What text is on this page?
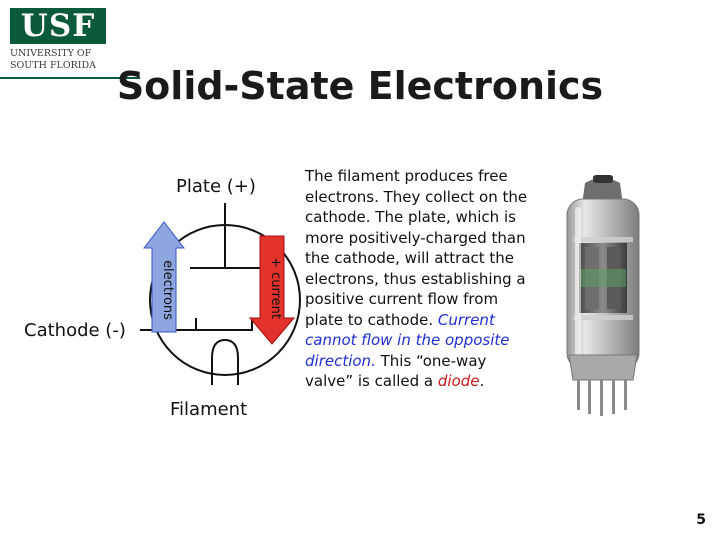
USF
UNIVERSITY OF
SOUTH FLORIDA Solid-State Electronics
electrons	+ current
Plate (+)
Cathode (-)
Filament
The filament produces free electrons. They collect on the cathode. The plate, which is more positively-charged than the cathode, will attract the electrons, thus establishing a positive current flow from plate to cathode. Current cannot flow in the opposite direction. This “one-way valve” is called a diode.
5
